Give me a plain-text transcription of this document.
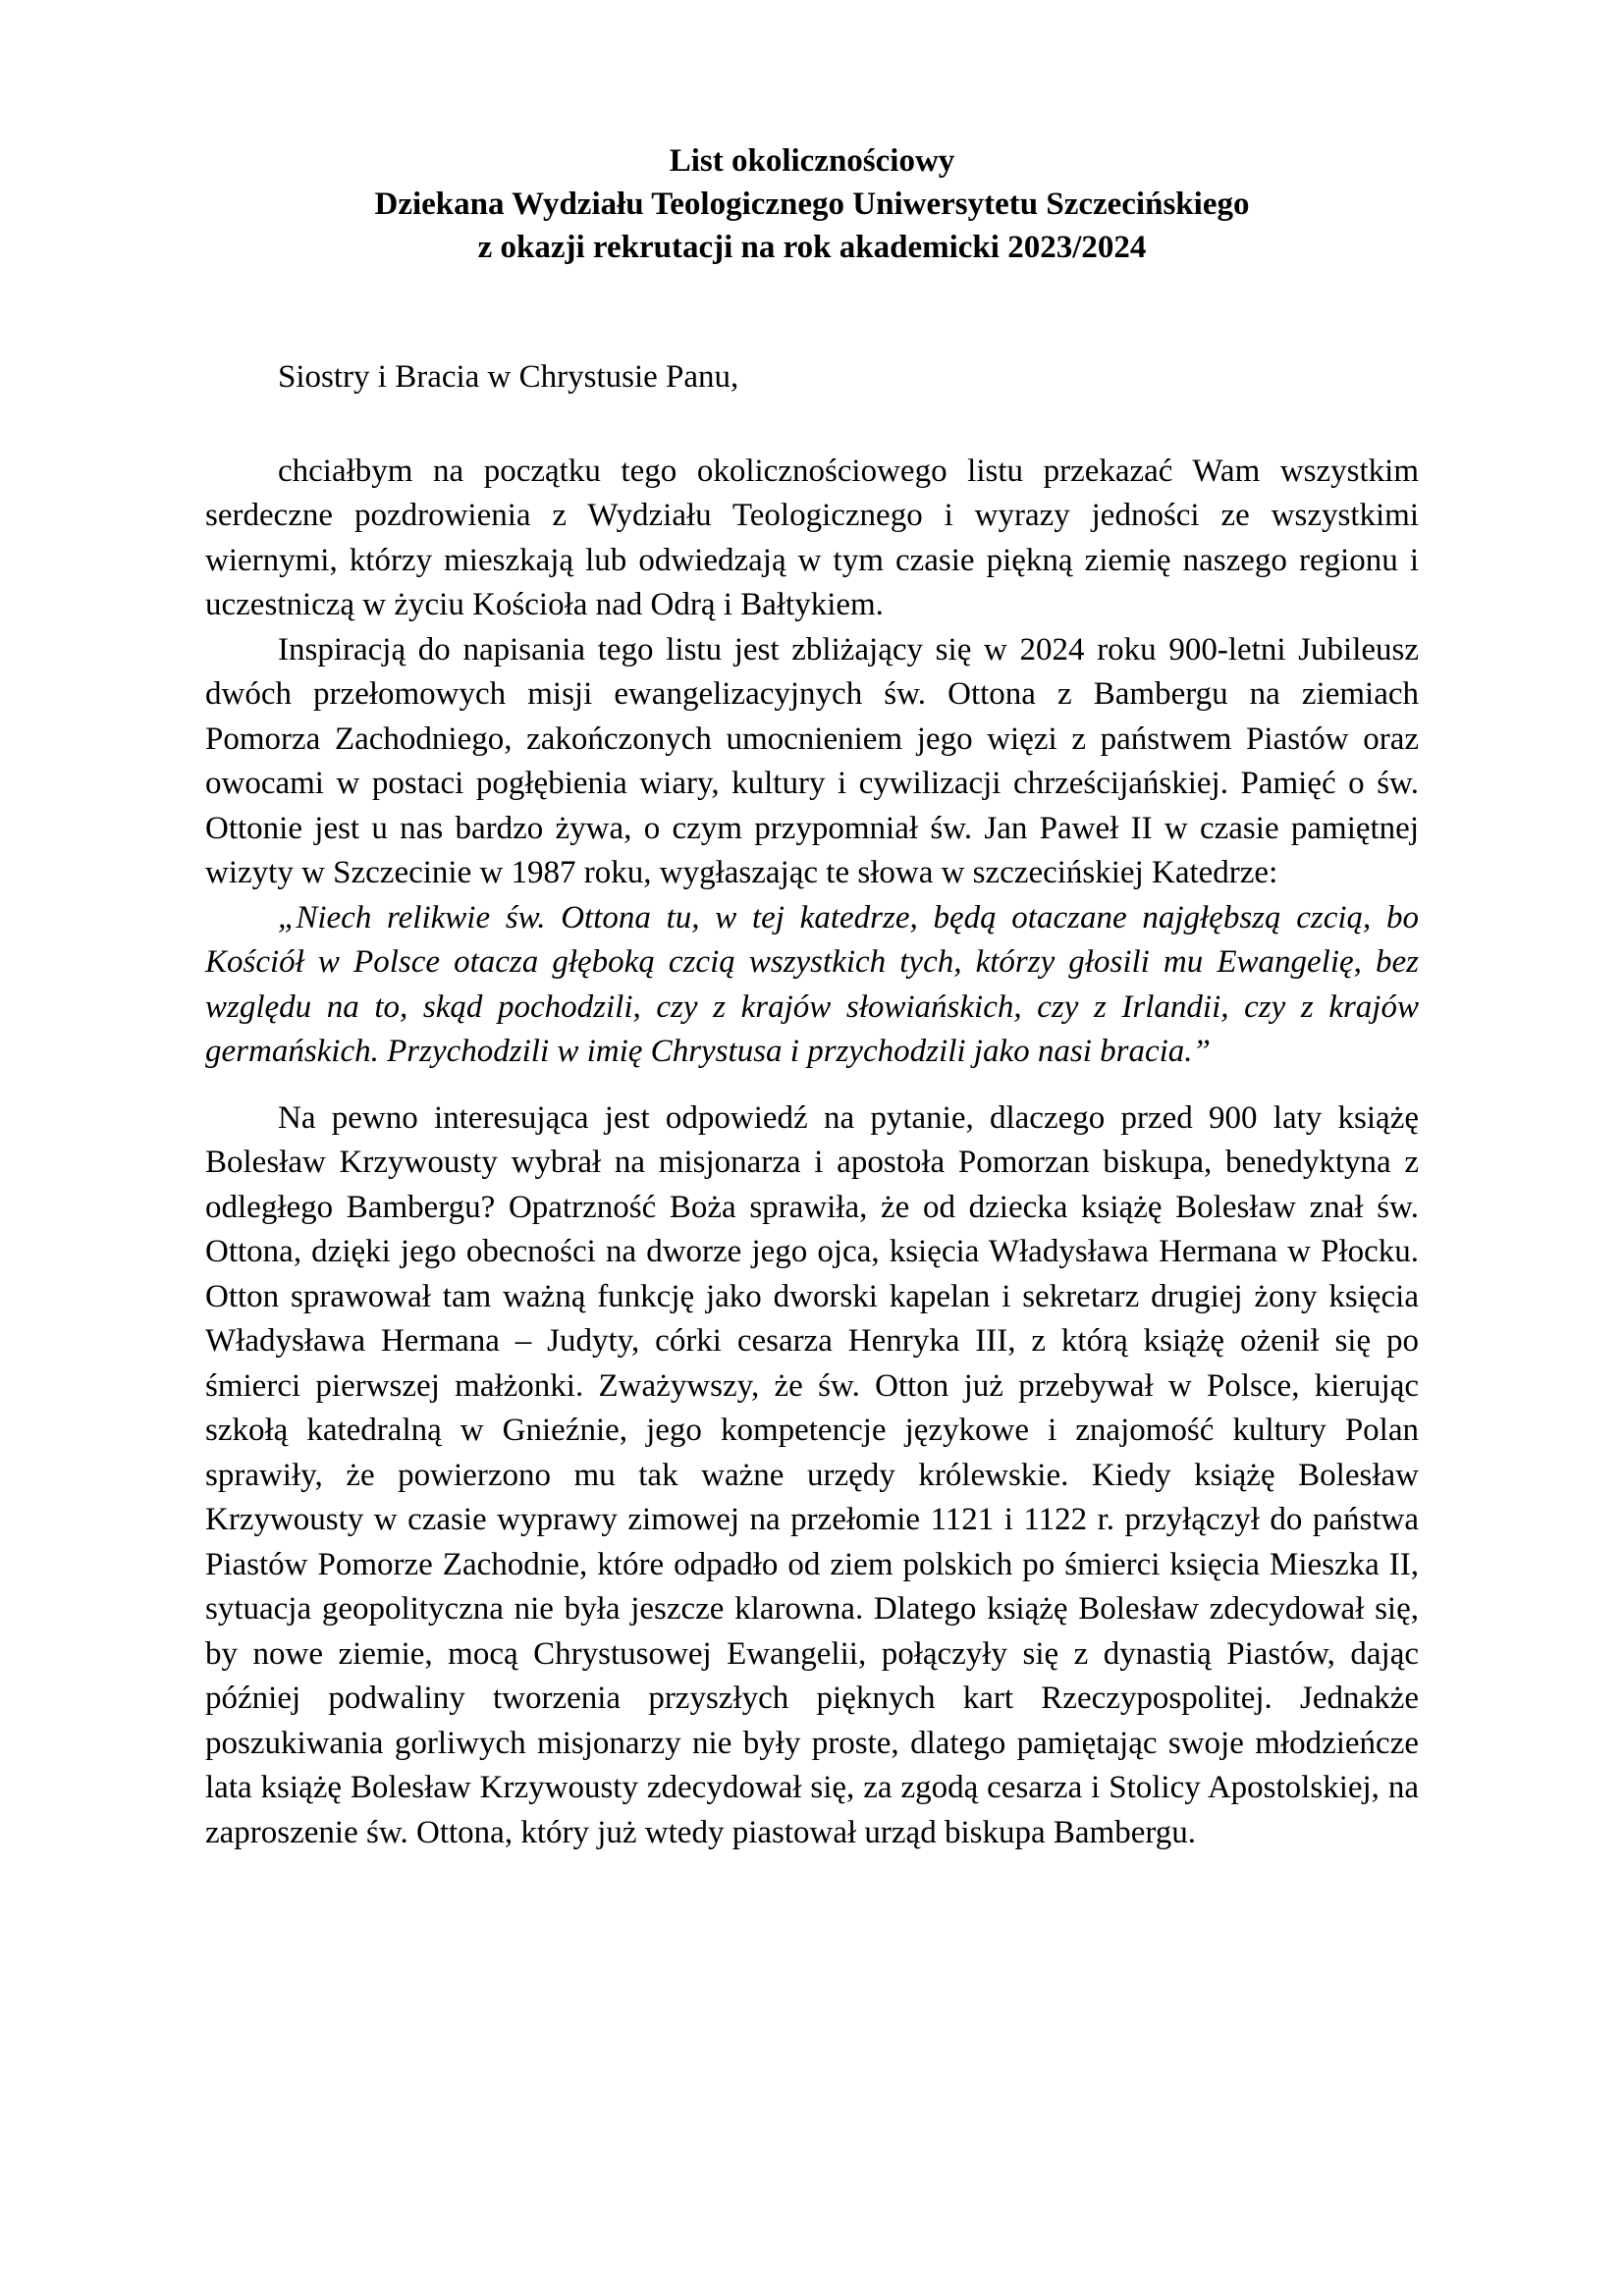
List okolicznościowy
Dziekana Wydziału Teologicznego Uniwersytetu Szczecińskiego
z okazji rekrutacji na rok akademicki 2023/2024

Siostry i Bracia w Chrystusie Panu,

chciałbym na początku tego okolicznościowego listu przekazać Wam wszystkim serdeczne pozdrowienia z Wydziału Teologicznego i wyrazy jedności ze wszystkimi wiernymi, którzy mieszkają lub odwiedzają w tym czasie piękną ziemię naszego regionu i uczestniczą w życiu Kościoła nad Odrą i Bałtykiem.

Inspiracją do napisania tego listu jest zbliżający się w 2024 roku 900-letni Jubileusz dwóch przełomowych misji ewangelizacyjnych św. Ottona z Bambergu na ziemiach Pomorza Zachodniego, zakończonych umocnieniem jego więzi z państwem Piastów oraz owocami w postaci pogłębienia wiary, kultury i cywilizacji chrześcijańskiej. Pamięć o św. Ottonie jest u nas bardzo żywa, o czym przypomniał św. Jan Paweł II w czasie pamiętnej wizyty w Szczecinie w 1987 roku, wygłaszając te słowa w szczecińskiej Katedrze:

„Niech relikwie św. Ottona tu, w tej katedrze, będą otaczane najgłębszą czcią, bo Kościół w Polsce otacza głęboką czcią wszystkich tych, którzy głosili mu Ewangelię, bez względu na to, skąd pochodzili, czy z krajów słowiańskich, czy z Irlandii, czy z krajów germańskich. Przychodzili w imię Chrystusa i przychodzili jako nasi bracia.”

Na pewno interesująca jest odpowiedź na pytanie, dlaczego przed 900 laty książę Bolesław Krzywousty wybrał na misjonarza i apostoła Pomorzan biskupa, benedyktyna z odległego Bambergu? Opatrzność Boża sprawiła, że od dziecka książę Bolesław znał św. Ottona, dzięki jego obecności na dworze jego ojca, księcia Władysława Hermana w Płocku. Otton sprawował tam ważną funkcję jako dworski kapelan i sekretarz drugiej żony księcia Władysława Hermana – Judyty, córki cesarza Henryka III, z którą książę ożenił się po śmierci pierwszej małżonki. Zważywszy, że św. Otton już przebywał w Polsce, kierując szkołą katedralną w Gnieźnie, jego kompetencje językowe i znajomość kultury Polan sprawiły, że powierzono mu tak ważne urzędy królewskie. Kiedy książę Bolesław Krzywousty w czasie wyprawy zimowej na przełomie 1121 i 1122 r. przyłączył do państwa Piastów Pomorze Zachodnie, które odpadło od ziem polskich po śmierci księcia Mieszka II, sytuacja geopolityczna nie była jeszcze klarowna. Dlatego książę Bolesław zdecydował się, by nowe ziemie, mocą Chrystusowej Ewangelii, połączyły się z dynastią Piastów, dając później podwaliny tworzenia przyszłych pięknych kart Rzeczypospolitej. Jednakże poszukiwania gorliwych misjonarzy nie były proste, dlatego pamiętając swoje młodzieńcze lata książę Bolesław Krzywousty zdecydował się, za zgodą cesarza i Stolicy Apostolskiej, na zaproszenie św. Ottona, który już wtedy piastował urząd biskupa Bambergu.
